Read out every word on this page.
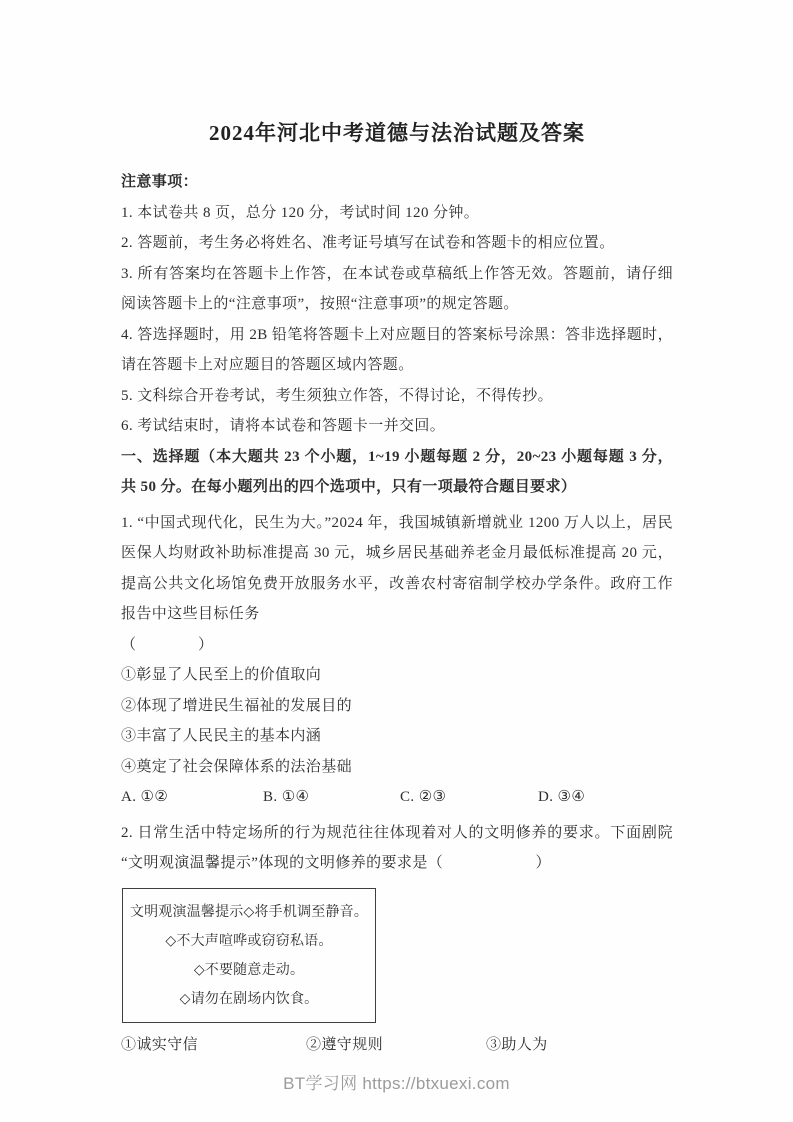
2024年河北中考道德与法治试题及答案

注意事项：

1. 本试卷共 8 页，总分 120 分，考试时间 120 分钟。

2. 答题前，考生务必将姓名、准考证号填写在试卷和答题卡的相应位置。

3. 所有答案均在答题卡上作答，在本试卷或草稿纸上作答无效。答题前，请仔细阅读答题卡上的“注意事项”，按照“注意事项”的规定答题。

4. 答选择题时，用 2B 铅笔将答题卡上对应题目的答案标号涂黑：答非选择题时，请在答题卡上对应题目的答题区域内答题。

5. 文科综合开卷考试，考生须独立作答，不得讨论，不得传抄。

6. 考试结束时，请将本试卷和答题卡一并交回。

一、选择题（本大题共 23 个小题，1~19 小题每题 2 分，20~23 小题每题 3 分，共 50 分。在每小题列出的四个选项中，只有一项最符合题目要求）

1. “中国式现代化，民生为大。”2024 年，我国城镇新增就业 1200 万人以上，居民医保人均财政补助标准提高 30 元，城乡居民基础养老金月最低标准提高 20 元，提高公共文化场馆免费开放服务水平，改善农村寄宿制学校办学条件。政府工作报告中这些目标任务

（　　　　）

①彰显了人民至上的价值取向

②体现了增进民生福祉的发展目的

③丰富了人民民主的基本内涵

④奠定了社会保障体系的法治基础

A. ①②	B. ①④	C. ②③	D. ③④

2. 日常生活中特定场所的行为规范往往体现着对人的文明修养的要求。下面剧院“文明观演温馨提示”体现的文明修养的要求是（　　　　　　）

文明观演温馨提示◇将手机调至静音。

◇不大声喧哗或窃窃私语。

◇不要随意走动。

◇请勿在剧场内饮食。

①诚实守信	②遵守规则	③助人为
BT学习网 https://btxuexi.com
